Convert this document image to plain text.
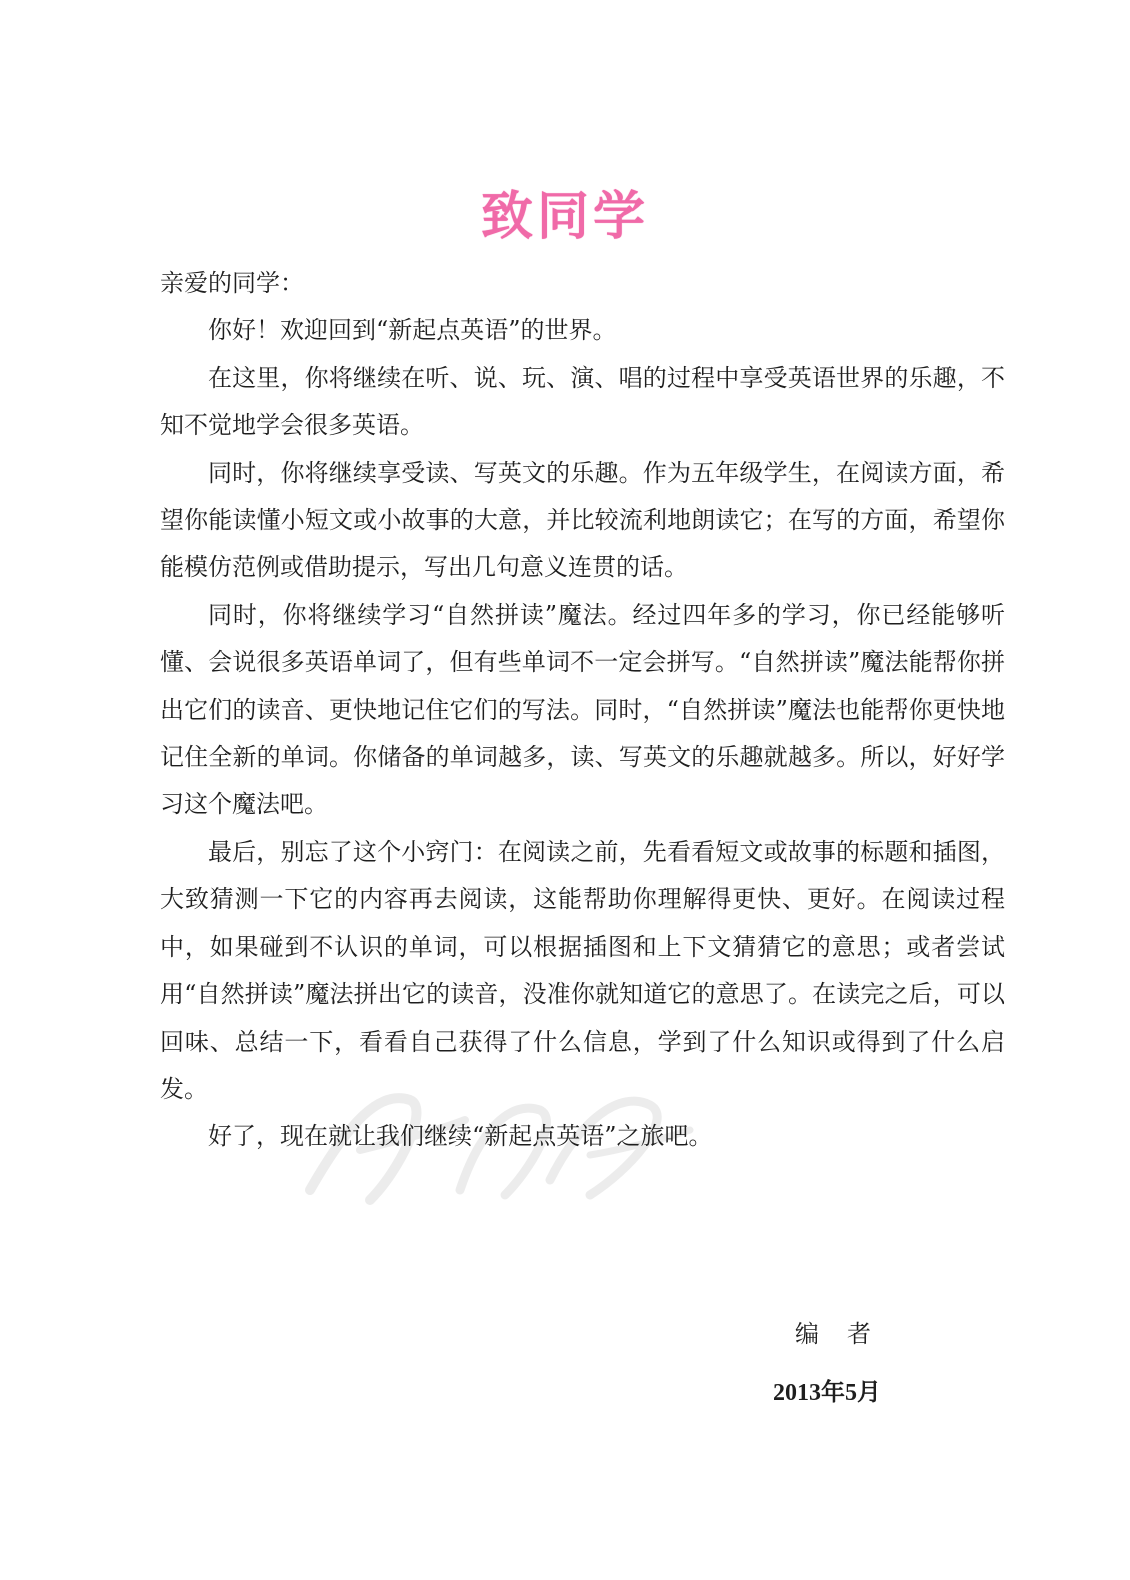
致同学

亲爱的同学：

你好！欢迎回到“新起点英语”的世界。

在这里，你将继续在听、说、玩、演、唱的过程中享受英语世界的乐趣，不知不觉地学会很多英语。

同时，你将继续享受读、写英文的乐趣。作为五年级学生，在阅读方面，希望你能读懂小短文或小故事的大意，并比较流利地朗读它；在写的方面，希望你能模仿范例或借助提示，写出几句意义连贯的话。

同时，你将继续学习“自然拼读”魔法。经过四年多的学习，你已经能够听懂、会说很多英语单词了，但有些单词不一定会拼写。“自然拼读”魔法能帮你拼出它们的读音、更快地记住它们的写法。同时，“自然拼读”魔法也能帮你更快地记住全新的单词。你储备的单词越多，读、写英文的乐趣就越多。所以，好好学习这个魔法吧。

最后，别忘了这个小窍门：在阅读之前，先看看短文或故事的标题和插图，大致猜测一下它的内容再去阅读，这能帮助你理解得更快、更好。在阅读过程中，如果碰到不认识的单词，可以根据插图和上下文猜猜它的意思；或者尝试用“自然拼读”魔法拼出它的读音，没准你就知道它的意思了。在读完之后，可以回味、总结一下，看看自己获得了什么信息，学到了什么知识或得到了什么启发。

好了，现在就让我们继续“新起点英语”之旅吧。

编者
2013年5月
